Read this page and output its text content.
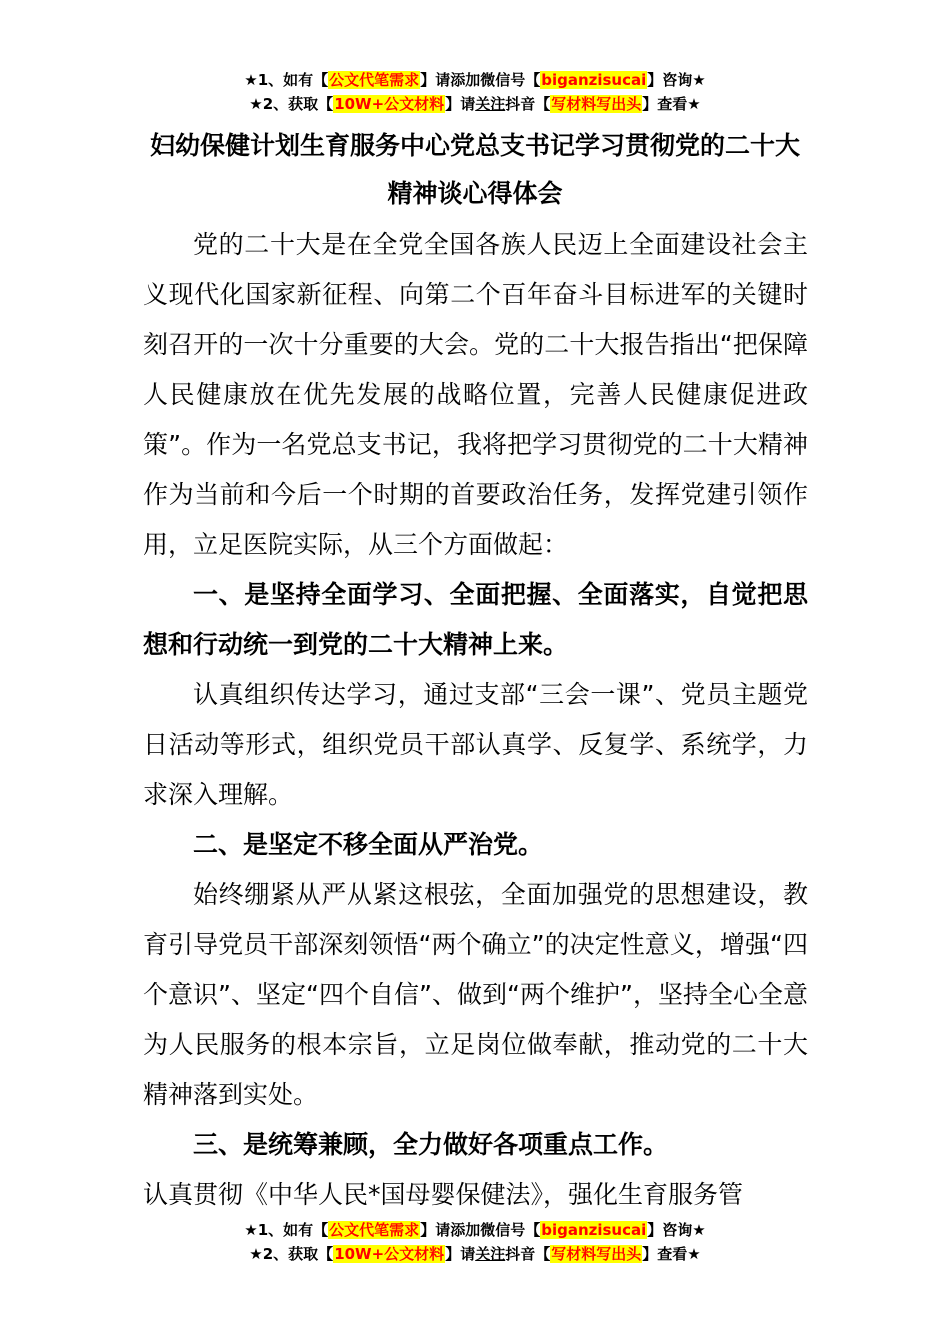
★1、如有【公文代笔需求】请添加微信号【biganzisucai】咨询★
★2、获取【10W+公文材料】请关注抖音【写材料写出头】查看★
妇幼保健计划生育服务中心党总支书记学习贯彻党的二十大精神谈心得体会

党的二十大是在全党全国各族人民迈上全面建设社会主义现代化国家新征程、向第二个百年奋斗目标进军的关键时刻召开的一次十分重要的大会。党的二十大报告指出“把保障人民健康放在优先发展的战略位置，完善人民健康促进政策”。作为一名党总支书记，我将把学习贯彻党的二十大精神作为当前和今后一个时期的首要政治任务，发挥党建引领作用，立足医院实际，从三个方面做起：

一、是坚持全面学习、全面把握、全面落实，自觉把思想和行动统一到党的二十大精神上来。

认真组织传达学习，通过支部“三会一课”、党员主题党日活动等形式，组织党员干部认真学、反复学、系统学，力求深入理解。

二、是坚定不移全面从严治党。

始终绷紧从严从紧这根弦，全面加强党的思想建设，教育引导党员干部深刻领悟“两个确立”的决定性意义，增强“四个意识”、坚定“四个自信”、做到“两个维护”，坚持全心全意为人民服务的根本宗旨，立足岗位做奉献，推动党的二十大精神落到实处。

三、是统筹兼顾，全力做好各项重点工作。

认真贯彻《中华人民*国母婴保健法》，强化生育服务管

★1、如有【公文代笔需求】请添加微信号【biganzisucai】咨询★
★2、获取【10W+公文材料】请关注抖音【写材料写出头】查看★
